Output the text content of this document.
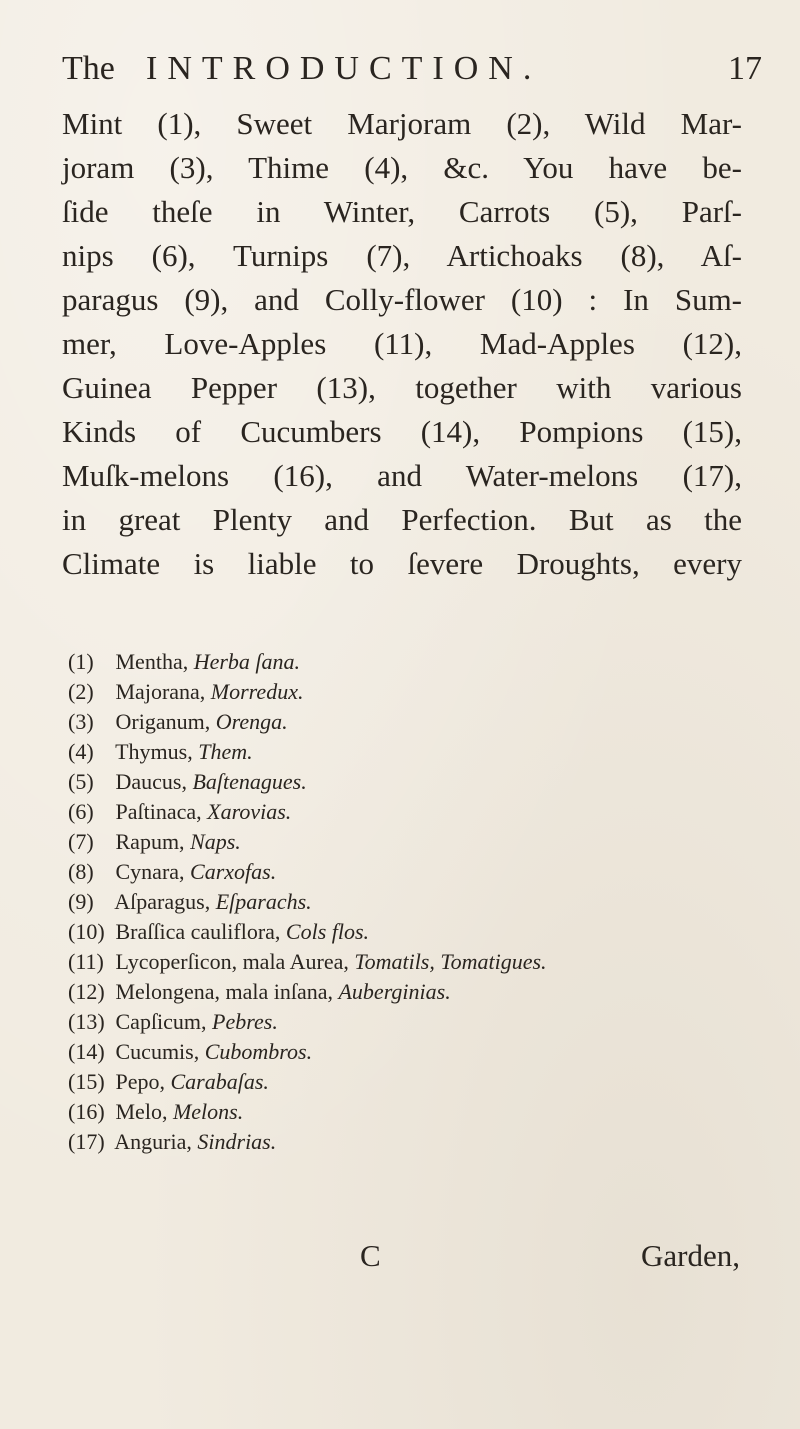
The INTRODUCTION.	17
Mint (1), Sweet Marjoram (2), Wild Mar-
joram (3), Thime (4), &c. You have be-
ſide theſe in Winter, Carrots (5), Parſ-
nips (6), Turnips (7), Artichoaks (8), Aſ-
paragus (9), and Colly-flower (10) : In Sum-
mer, Love-Apples (11), Mad-Apples (12),
Guinea Pepper (13), together with various
Kinds of Cucumbers (14), Pompions (15),
Muſk-melons (16), and Water-melons (17),
in great Plenty and Perfection. But as the
Climate is liable to ſevere Droughts, every
(1) Mentha, Herba ſana.
(2) Majorana, Morredux.
(3) Origanum, Orenga.
(4) Thymus, Them.
(5) Daucus, Baſtenagues.
(6) Paſtinaca, Xarovias.
(7) Rapum, Naps.
(8) Cynara, Carxofas.
(9) Aſparagus, Eſparachs.
(10) Braſſica cauliflora, Cols flos.
(11) Lycoperſicon, mala Aurea, Tomatils, Tomatigues.
(12) Melongena, mala inſana, Auberginias.
(13) Capſicum, Pebres.
(14) Cucumis, Cubombros.
(15) Pepo, Carabaſas.
(16) Melo, Melons.
(17) Anguria, Sindrias.
C	Garden,
